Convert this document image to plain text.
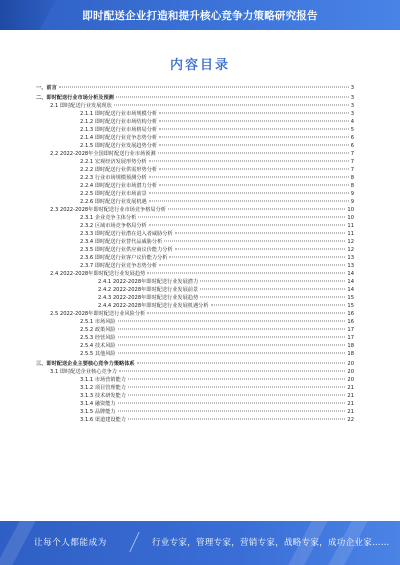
即时配送企业打造和提升核心竞争力策略研究报告
内容目录
一、前言	3
二、即时配送行业市场分析及预测	3
2.1 即时配送行业发展现状	3
2.1.1 即时配送行业市场规模分析	3
2.1.2 即时配送行业市场结构分析	4
2.1.3 即时配送行业市场格局分析	5
2.1.4 即时配送行业竞争态势分析	6
2.1.5 即时配送行业发展趋势分析	6
2.2 2022-2028年全国即时配送行业市场预测	7
2.2.1 宏观经济发展形势分析	7
2.2.2 即时配送行业供需形势分析	7
2.2.3 行业市场规模预测分析	8
2.2.4 即时配送行业市场潜力分析	8
2.2.5 即时配送行业市场前景	9
2.2.6 即时配送行业发展机遇	9
2.3 2022-2028年即时配送行业市场竞争格局分析	10
2.3.1 企业竞争主体分析	10
2.3.2 区域市场竞争格局分析	11
2.3.3 即时配送行业潜在进入者威胁分析	11
2.3.4 即时配送行业替代品威胁分析	12
2.3.5 即时配送行业供应商议价能力分析	12
2.3.6 即时配送行业客户议价能力分析	13
2.3.7 即时配送行业竞争态势分析	13
2.4 2022-2028年即时配送行业发展趋势	14
2.4.1 2022-2028年即时配送行业发展潜力	14
2.4.2 2022-2028年即时配送行业发展前景	14
2.4.3 2022-2028年即时配送行业发展趋势	15
2.4.4 2022-2028年即时配送行业发展机遇分析	15
2.5 2022-2028年即时配送行业风险分析	16
2.5.1 市场风险	16
2.5.2 政策风险	17
2.5.3 经营风险	17
2.5.4 技术风险	18
2.5.5 其他风险	18
三、即时配送企业主要核心竞争力策略体系	20
3.1 即时配送企业核心竞争力	20
3.1.1 市场营销能力	20
3.1.2 项目管理能力	21
3.1.3 技术研发能力	21
3.1.4 融资能力	21
3.1.5 品牌能力	21
3.1.6 渠道建设能力	22
让每个人都能成为	行业专家，管理专家，营销专家，战略专家，成功企业家……
